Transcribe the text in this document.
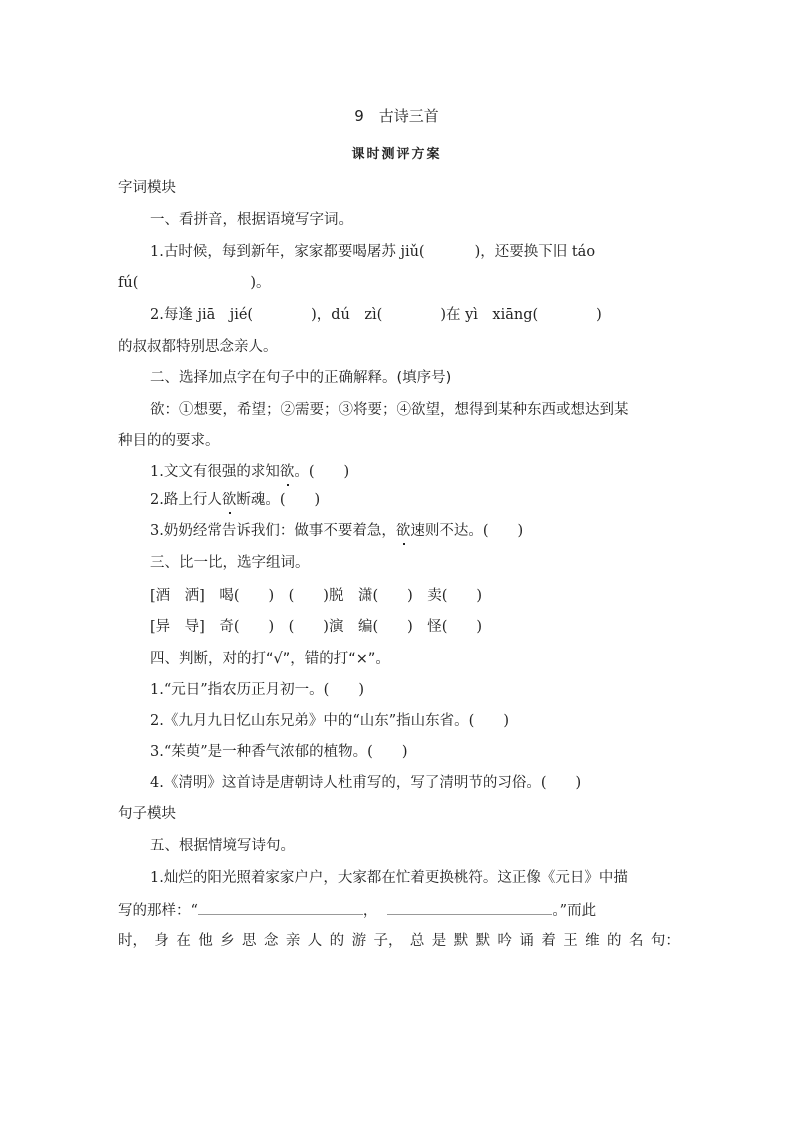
9　古诗三首
课时测评方案
字词模块
一、看拼音，根据语境写字词。
1.古时候，每到新年，家家都要喝屠苏 jiǔ(	)，还要换下旧 táo
fú(	)。
2.每逢 jiā　jié(	)，dú　zì(	)在 yì　xiāng(	)
的叔叔都特别思念亲人。
二、选择加点字在句子中的正确解释。(填序号)
欲：①想要，希望；②需要；③将要；④欲望，想得到某种东西或想达到某
种目的的要求。
1.文文有很强的求知欲。(　　)
2.路上行人欲断魂。(　　)
3.奶奶经常告诉我们：做事不要着急，欲速则不达。(　　)
三、比一比，选字组词。
[酒　洒]　喝(　　)　(　　)脱　潇(　　)　卖(　　)
[异　导]　奇(　　)　(　　)演　编(　　)　怪(　　)
四、判断，对的打“√”，错的打“×”。
1.“元日”指农历正月初一。(　　)
2.《九月九日忆山东兄弟》中的“山东”指山东省。(　　)
3.“茱萸”是一种香气浓郁的植物。(　　)
4.《清明》这首诗是唐朝诗人杜甫写的，写了清明节的习俗。(　　)
句子模块
五、根据情境写诗句。
1.灿烂的阳光照着家家户户，大家都在忙着更换桃符。这正像《元日》中描
写的那样：“	，	。”而此
时， 身 在 他 乡 思 念 亲 人 的 游 子， 总 是 默 默 吟 诵 着 王 维 的 名 句：
